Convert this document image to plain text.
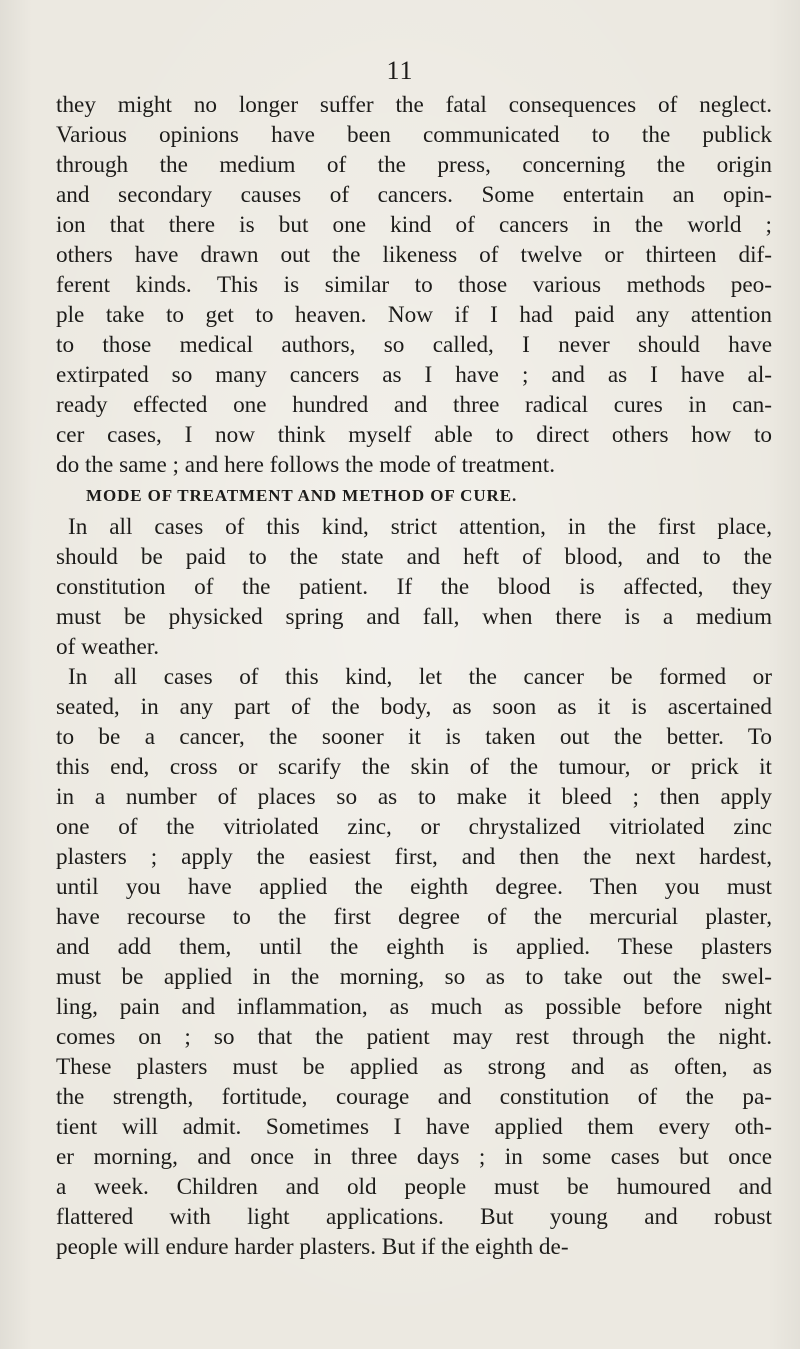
11
they might no longer suffer the fatal consequences of neglect.
Various opinions have been communicated to the publick
through the medium of the press, concerning the origin
and secondary causes of cancers. Some entertain an opin-
ion that there is but one kind of cancers in the world ;
others have drawn out the likeness of twelve or thirteen dif-
ferent kinds. This is similar to those various methods peo-
ple take to get to heaven. Now if I had paid any attention
to those medical authors, so called, I never should have
extirpated so many cancers as I have ; and as I have al-
ready effected one hundred and three radical cures in can-
cer cases, I now think myself able to direct others how to
do the same ; and here follows the mode of treatment.
MODE OF TREATMENT AND METHOD OF CURE.
In all cases of this kind, strict attention, in the first place,
should be paid to the state and heft of blood, and to the
constitution of the patient. If the blood is affected, they
must be physicked spring and fall, when there is a medium
of weather.
In all cases of this kind, let the cancer be formed or
seated, in any part of the body, as soon as it is ascertained
to be a cancer, the sooner it is taken out the better. To
this end, cross or scarify the skin of the tumour, or prick it
in a number of places so as to make it bleed ; then apply
one of the vitriolated zinc, or chrystalized vitriolated zinc
plasters ; apply the easiest first, and then the next hardest,
until you have applied the eighth degree. Then you must
have recourse to the first degree of the mercurial plaster,
and add them, until the eighth is applied. These plasters
must be applied in the morning, so as to take out the swel-
ling, pain and inflammation, as much as possible before night
comes on ; so that the patient may rest through the night.
These plasters must be applied as strong and as often, as
the strength, fortitude, courage and constitution of the pa-
tient will admit. Sometimes I have applied them every oth-
er morning, and once in three days ; in some cases but once
a week. Children and old people must be humoured and
flattered with light applications. But young and robust
people will endure harder plasters. But if the eighth de-
